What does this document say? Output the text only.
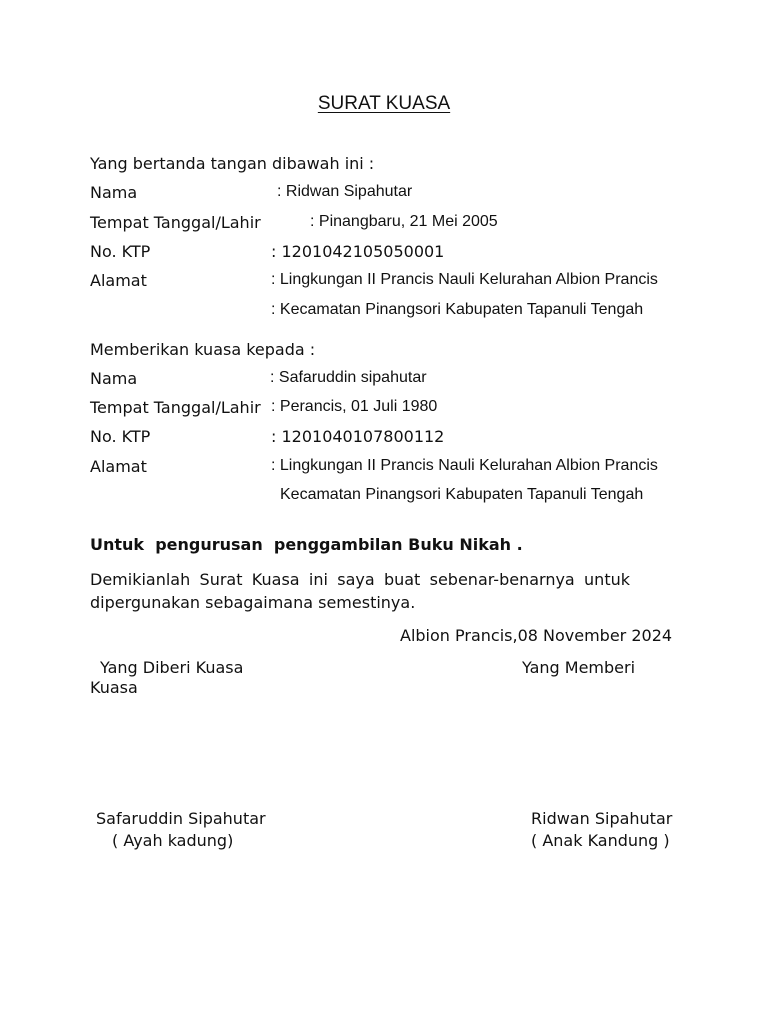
SURAT KUASA
Yang bertanda tangan dibawah ini :
Nama	: Ridwan Sipahutar
Tempat Tanggal/Lahir	: Pinangbaru, 21 Mei 2005
No. KTP	: 1201042105050001
Alamat	: Lingkungan II Prancis Nauli Kelurahan Albion Prancis
: Kecamatan Pinangsori Kabupaten Tapanuli Tengah
Memberikan kuasa kepada :
Nama	: Safaruddin sipahutar
Tempat Tanggal/Lahir : Perancis, 01 Juli 1980
No. KTP	: 1201040107800112
Alamat	: Lingkungan II Prancis Nauli Kelurahan Albion Prancis
Kecamatan Pinangsori Kabupaten Tapanuli Tengah
Untuk  pengurusan  penggambilan Buku Nikah .
Demikianlah Surat Kuasa ini saya buat sebenar-benarnya untuk dipergunakan sebagaimana semestinya.
Albion Prancis,08 November 2024
Yang Diberi Kuasa	Yang Memberi
Kuasa
Safaruddin Sipahutar
( Ayah kadung)
Ridwan Sipahutar
( Anak Kandung )
